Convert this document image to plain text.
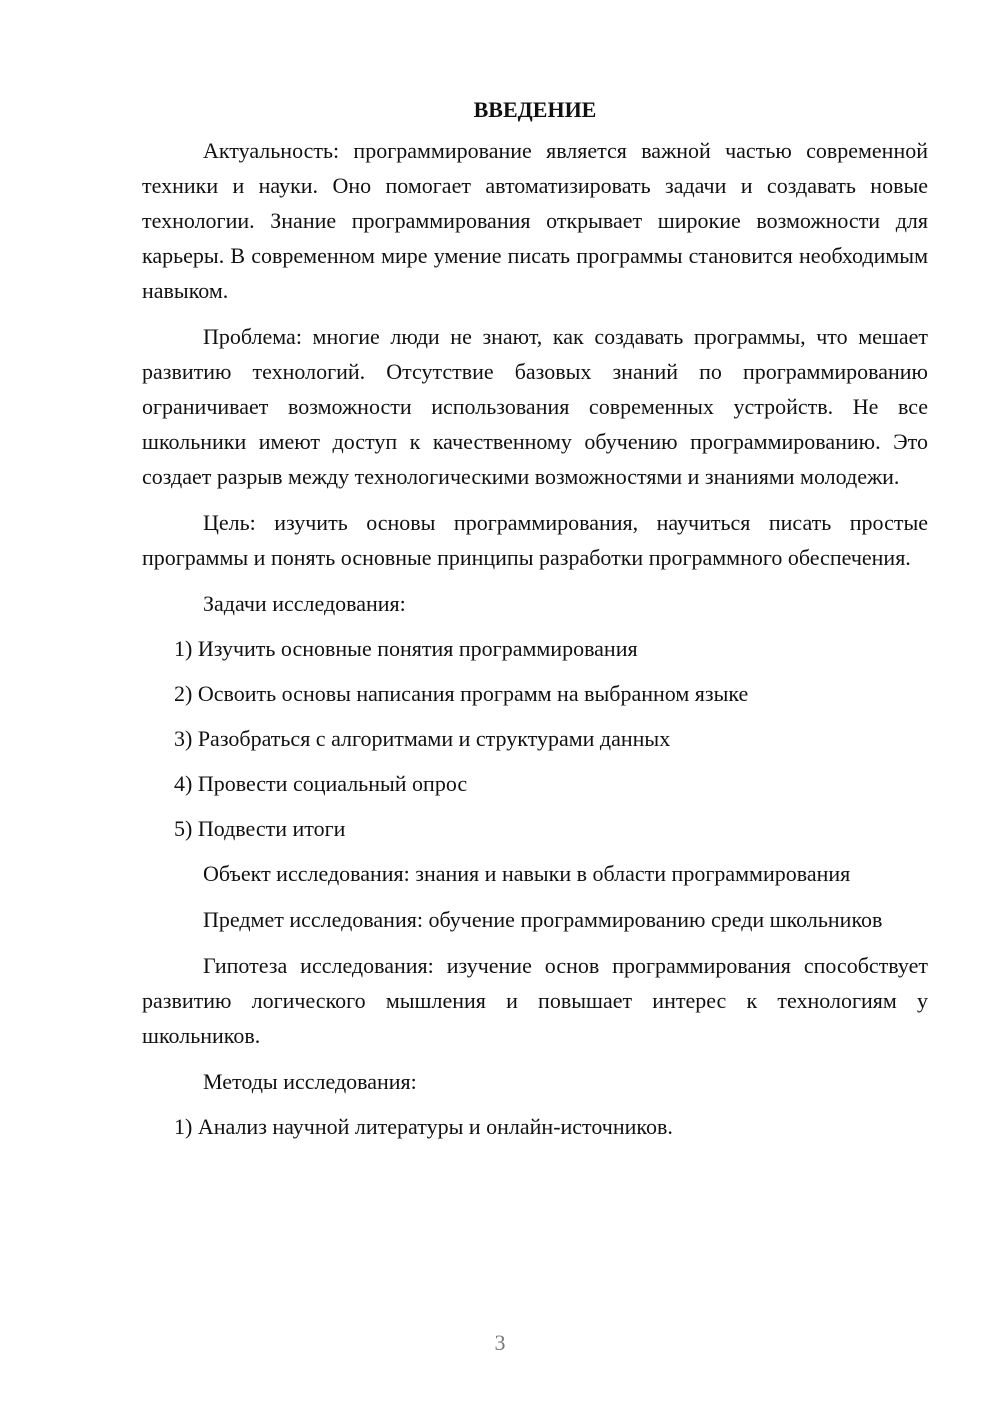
ВВЕДЕНИЕ

Актуальность: программирование является важной частью современной техники и науки. Оно помогает автоматизировать задачи и создавать новые технологии. Знание программирования открывает широкие возможности для карьеры. В современном мире умение писать программы становится необходимым навыком.

Проблема: многие люди не знают, как создавать программы, что мешает развитию технологий. Отсутствие базовых знаний по программированию ограничивает возможности использования современных устройств. Не все школьники имеют доступ к качественному обучению программированию. Это создает разрыв между технологическими возможностями и знаниями молодежи.

Цель: изучить основы программирования, научиться писать простые программы и понять основные принципы разработки программного обеспечения.

Задачи исследования:

1) Изучить основные понятия программирования
2) Освоить основы написания программ на выбранном языке
3) Разобраться с алгоритмами и структурами данных
4) Провести социальный опрос
5) Подвести итоги

Объект исследования: знания и навыки в области программирования

Предмет исследования: обучение программированию среди школьников

Гипотеза исследования: изучение основ программирования способствует развитию логического мышления и повышает интерес к технологиям у школьников.

Методы исследования:

1) Анализ научной литературы и онлайн-источников.
3
